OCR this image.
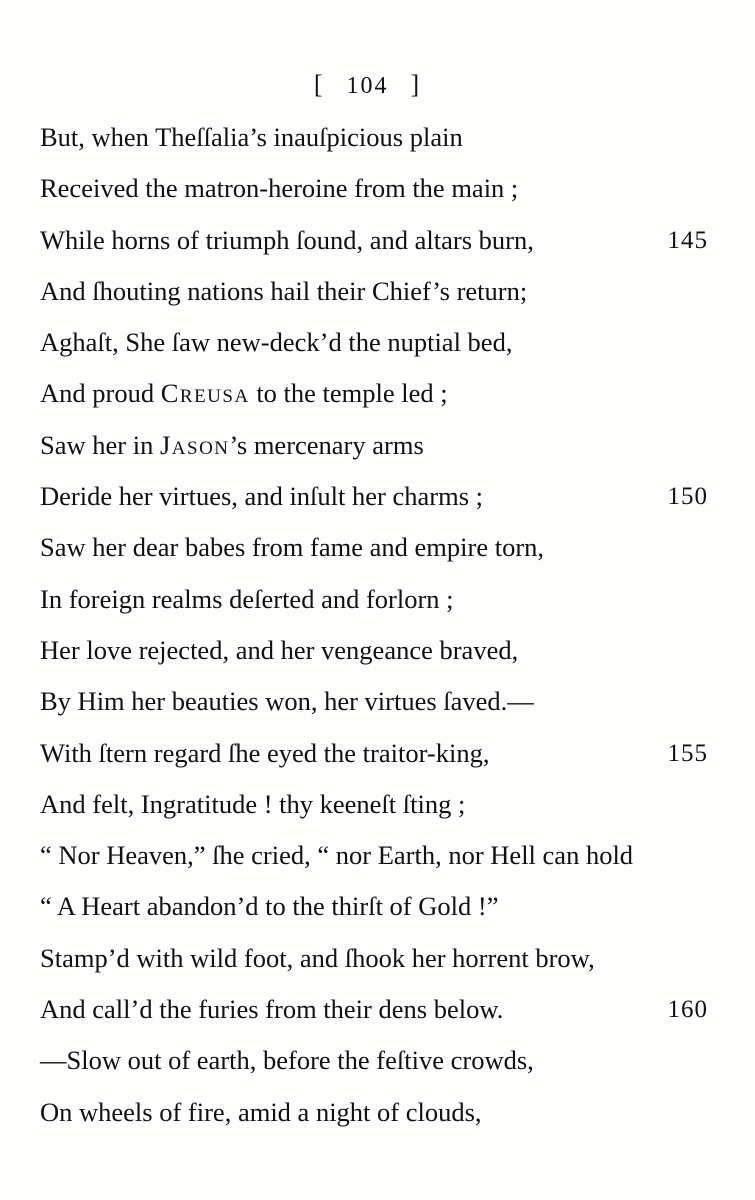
[ 104 ]
But, when Theſſalia’s inauſpicious plain
Received the matron-heroine from the main ;
While horns of triumph ſound, and altars burn,	145
And ſhouting nations hail their Chief’s return;
Aghaſt, She ſaw new-deck’d the nuptial bed,
And proud Creusa to the temple led ;
Saw her in Jason’s mercenary arms
Deride her virtues, and inſult her charms ;	150
Saw her dear babes from fame and empire torn,
In foreign realms deſerted and forlorn ;
Her love rejected, and her vengeance braved,
By Him her beauties won, her virtues ſaved.—
With ſtern regard ſhe eyed the traitor-king,	155
And felt, Ingratitude ! thy keeneſt ſting ;
“ Nor Heaven,” ſhe cried, “ nor Earth, nor Hell can hold
“ A Heart abandon’d to the thirſt of Gold !”
Stamp’d with wild foot, and ſhook her horrent brow,
And call’d the furies from their dens below.	160
—Slow out of earth, before the feſtive crowds,
On wheels of fire, amid a night of clouds,
